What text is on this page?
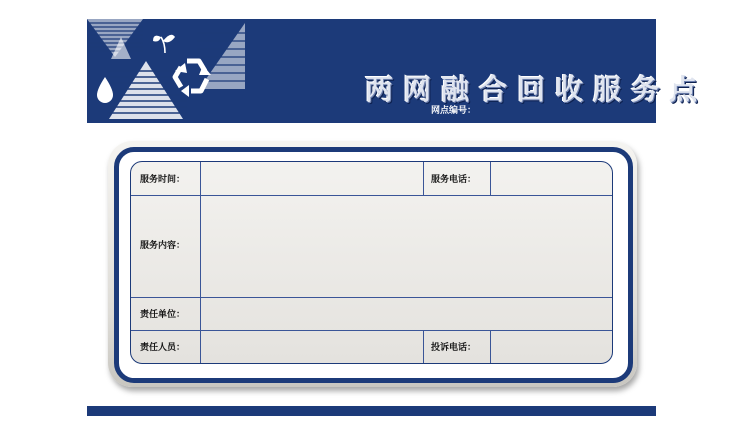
两网融合回收服务点
网点编号：
服务时间：	服务电话：
服务内容：
责任单位：
责任人员：	投诉电话：
